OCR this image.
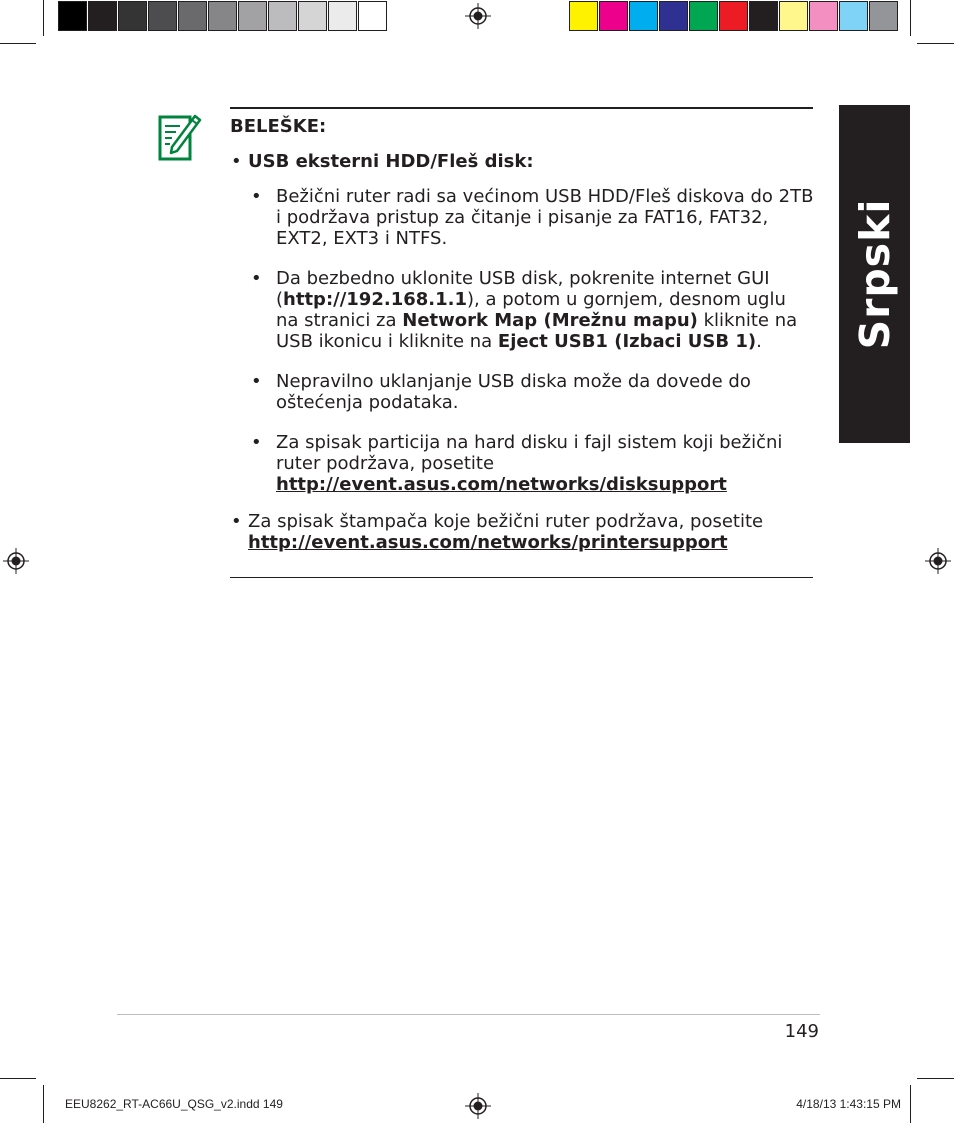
Srpski
BELEŠKE:
• USB eksterni HDD/Fleš disk:
• Bežični ruter radi sa većinom USB HDD/Fleš diskova do 2TB i podržava pristup za čitanje i pisanje za FAT16, FAT32, EXT2, EXT3 i NTFS.
• Da bezbedno uklonite USB disk, pokrenite internet GUI (http://192.168.1.1), a potom u gornjem, desnom uglu na stranici za Network Map (Mrežnu mapu) kliknite na USB ikonicu i kliknite na Eject USB1 (Izbaci USB 1).
• Nepravilno uklanjanje USB diska može da dovede do oštećenja podataka.
• Za spisak particija na hard disku i fajl sistem koji bežični ruter podržava, posetite http://event.asus.com/networks/disksupport
• Za spisak štampača koje bežični ruter podržava, posetite http://event.asus.com/networks/printersupport
149
EEU8262_RT-AC66U_QSG_v2.indd 149	4/18/13 1:43:15 PM
